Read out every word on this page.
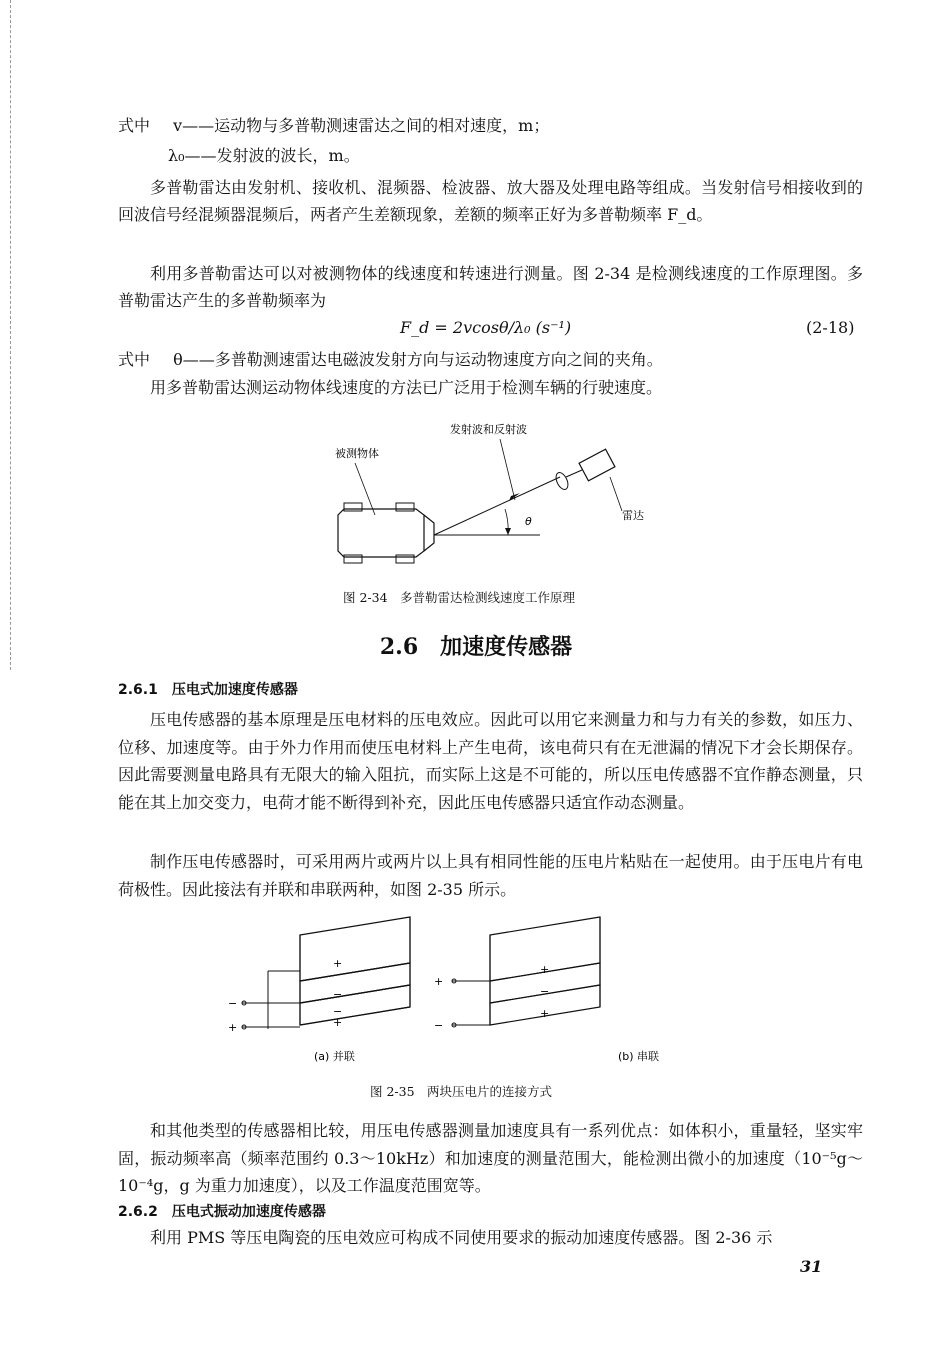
式中 v——运动物与多普勒测速雷达之间的相对速度，m；
λ₀——发射波的波长，m。
多普勒雷达由发射机、接收机、混频器、检波器、放大器及处理电路等组成。当发射信号相接收到的回波信号经混频器混频后，两者产生差额现象，差额的频率正好为多普勒频率 F_d。
利用多普勒雷达可以对被测物体的线速度和转速进行测量。图 2-34 是检测线速度的工作原理图。多普勒雷达产生的多普勒频率为
F_d = 2vcosθ/λ₀ (s⁻¹)	(2-18)
式中 θ——多普勒测速雷达电磁波发射方向与运动物速度方向之间的夹角。
用多普勒雷达测运动物体线速度的方法已广泛用于检测车辆的行驶速度。
发射波和反射波
被测物体
雷达
θ
图 2-34　多普勒雷达检测线速度工作原理
2.6　加速度传感器
2.6.1　压电式加速度传感器
压电传感器的基本原理是压电材料的压电效应。因此可以用它来测量力和与力有关的参数，如压力、位移、加速度等。由于外力作用而使压电材料上产生电荷，该电荷只有在无泄漏的情况下才会长期保存。因此需要测量电路具有无限大的输入阻抗，而实际上这是不可能的，所以压电传感器不宜作静态测量，只能在其上加交变力，电荷才能不断得到补充，因此压电传感器只适宜作动态测量。
制作压电传感器时，可采用两片或两片以上具有相同性能的压电片粘贴在一起使用。由于压电片有电荷极性。因此接法有并联和串联两种，如图 2-35 所示。
+
−
−
+
−
+
(a) 并联
+
−
+
+
−
(b) 串联
图 2-35　两块压电片的连接方式
和其他类型的传感器相比较，用压电传感器测量加速度具有一系列优点：如体积小，重量轻，坚实牢固，振动频率高（频率范围约 0.3～10kHz）和加速度的测量范围大，能检测出微小的加速度（10⁻⁵g～10⁻⁴g，g 为重力加速度），以及工作温度范围宽等。
2.6.2　压电式振动加速度传感器
利用 PMS 等压电陶瓷的压电效应可构成不同使用要求的振动加速度传感器。图 2-36 示
31
